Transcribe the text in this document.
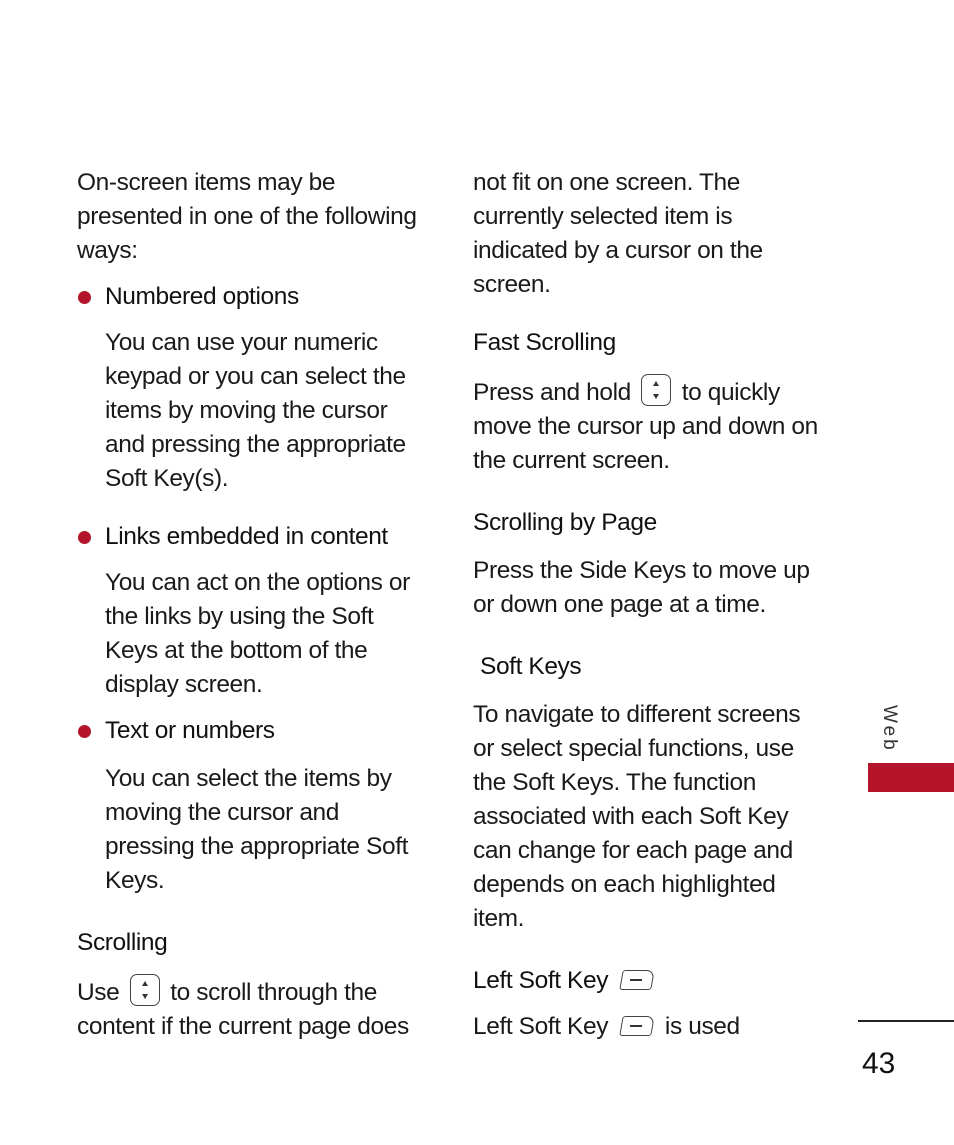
On-screen items may be

presented in one of the following

ways:

Numbered options

You can use your numeric

keypad or you can select the

items by moving the cursor

and pressing the appropriate

Soft Key(s).

Links embedded in content

You can act on the options or

the links by using the Soft

Keys at the bottom of the

display screen.

Text or numbers

You can select the items by

moving the cursor and

pressing the appropriate Soft

Keys.

Scrolling

Use to scroll through the

content if the current page does

not fit on one screen. The

currently selected item is

indicated by a cursor on the

screen.

Fast Scrolling

Press and hold to quickly

move the cursor up and down on

the current screen.

Scrolling by Page

Press the Side Keys to move up

or down one page at a time.

Soft Keys

To navigate to different screens

or select special functions, use

the Soft Keys. The function

associated with each Soft Key

can change for each page and

depends on each highlighted

item.

Left Soft Key

Left Soft Key is used

Web
43
